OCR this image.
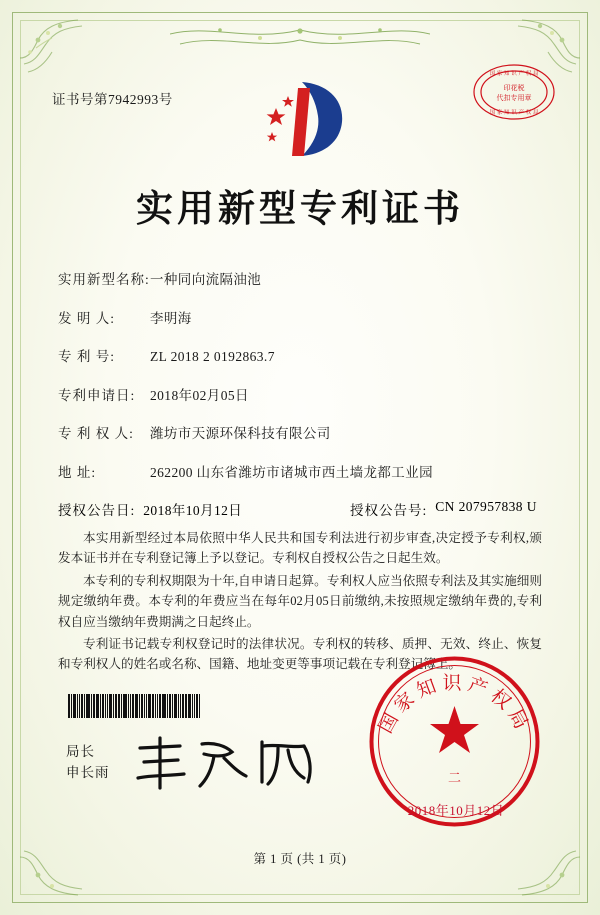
证书号第7942993号
印花税
代扣专用章
国 家 知 识 产 权 局
国 家 知 识 产 权 局
实用新型专利证书
实用新型名称: 一种同向流隔油池
发 明 人:	李明海
专 利 号:	ZL 2018 2 0192863.7
专利申请日:	2018年02月05日
专 利 权 人:	潍坊市天源环保科技有限公司
地 址:	262200 山东省潍坊市诸城市西土墙龙都工业园
授权公告日: 2018年10月12日	授权公告号: CN 207957838 U

本实用新型经过本局依照中华人民共和国专利法进行初步审查,决定授予专利权,颁发本证书并在专利登记簿上予以登记。专利权自授权公告之日起生效。

本专利的专利权期限为十年,自申请日起算。专利权人应当依照专利法及其实施细则规定缴纳年费。本专利的年费应当在每年02月05日前缴纳,未按照规定缴纳年费的,专利权自应当缴纳年费期满之日起终止。

专利证书记载专利权登记时的法律状况。专利权的转移、质押、无效、终止、恢复和专利权人的姓名或名称、国籍、地址变更等事项记载在专利登记簿上。

局长
申长雨
国家知识产权局
二
2018年10月12日
第 1 页 (共 1 页)
